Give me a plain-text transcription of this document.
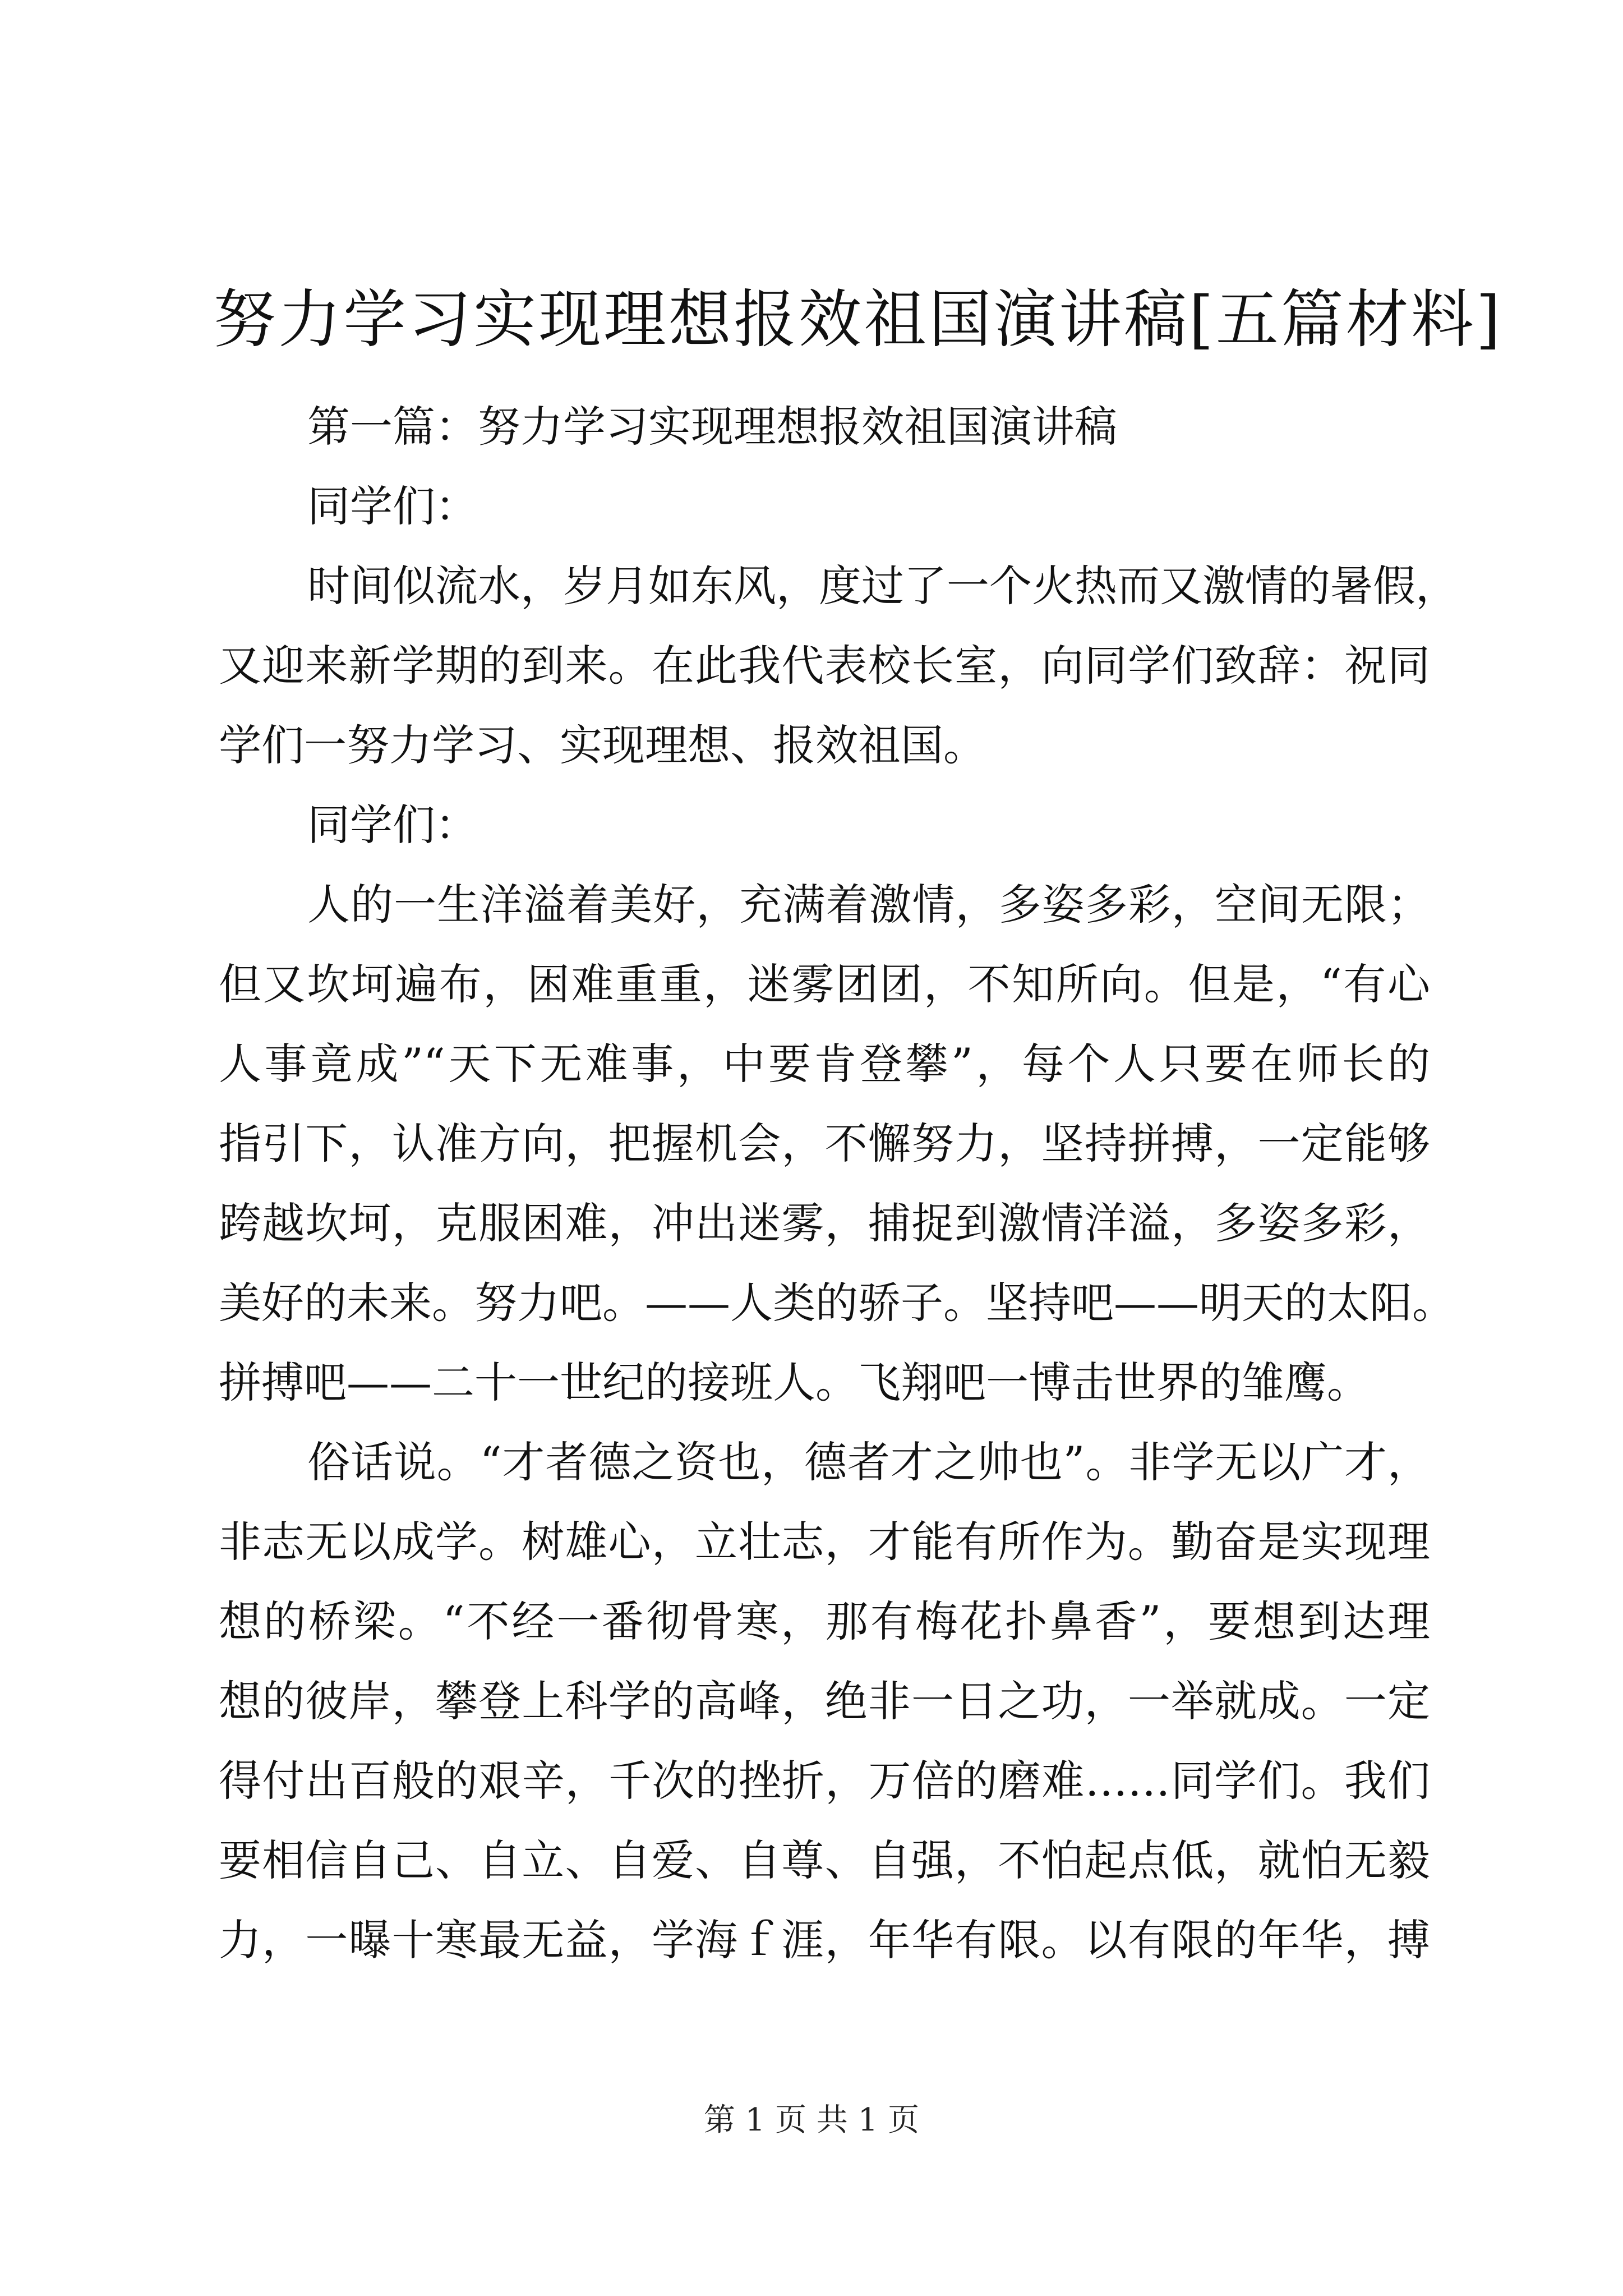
努力学习实现理想报效祖国演讲稿[五篇材料]
第一篇：努力学习实现理想报效祖国演讲稿
同学们：
时间似流水，岁月如东风，度过了一个火热而又激情的暑假，
又迎来新学期的到来。在此我代表校长室，向同学们致辞：祝同
学们一努力学习、实现理想、报效祖国。
同学们：
人的一生洋溢着美好，充满着激情，多姿多彩，空间无限；
但又坎坷遍布，困难重重，迷雾团团，不知所向。但是，“有心
人事竟成”“天下无难事，中要肯登攀”，每个人只要在师长的
指引下，认准方向，把握机会，不懈努力，坚持拼搏，一定能够
跨越坎坷，克服困难，冲出迷雾，捕捉到激情洋溢，多姿多彩，
美好的未来。努力吧。——人类的骄子。坚持吧——明天的太阳。
拼搏吧——二十一世纪的接班人。飞翔吧一博击世界的雏鹰。
俗话说。“才者德之资也，德者才之帅也”。非学无以广才，
非志无以成学。树雄心，立壮志，才能有所作为。勤奋是实现理
想的桥梁。“不经一番彻骨寒，那有梅花扑鼻香”，要想到达理
想的彼岸，攀登上科学的高峰，绝非一日之功，一举就成。一定
得付出百般的艰辛，千次的挫折，万倍的磨难……同学们。我们
要相信自己、自立、自爱、自尊、自强，不怕起点低，就怕无毅
力，一曝十寒最无益，学海ｆ涯，年华有限。以有限的年华，搏
第 1 页 共 1 页
